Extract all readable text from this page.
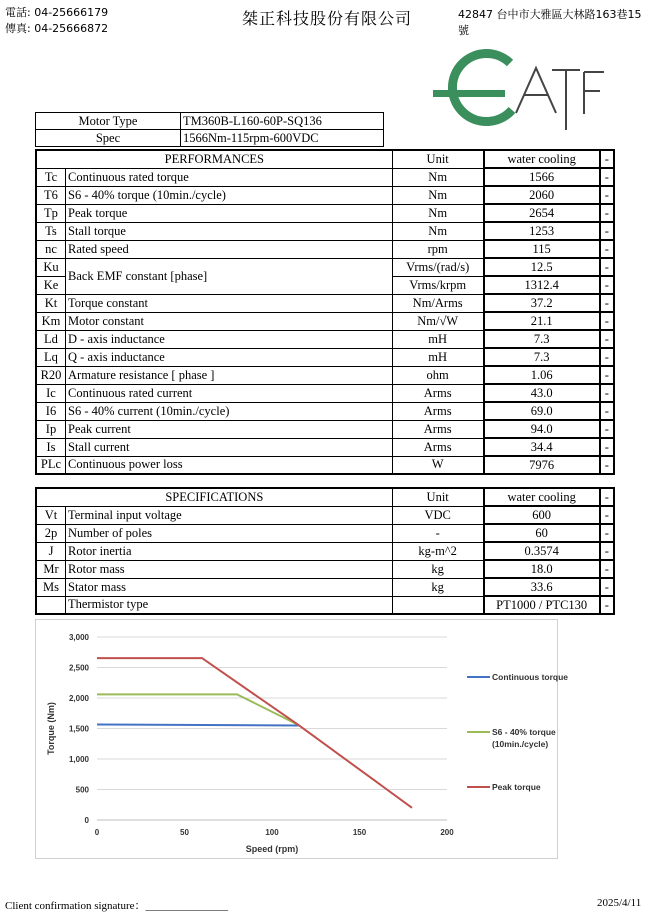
電話: 04-25666179
傳真: 04-25666872
桀正科技股份有限公司	42847 台中市大雅區大林路163巷15號
Motor Type	TM360B-L160-60P-SQ136
Spec	1566Nm-115rpm-600VDC
PERFORMANCES		Unit	water cooling	-
Tc	Continuous rated torque	Nm	1566	-
T6	S6 - 40% torque (10min./cycle)	Nm	2060	-
Tp	Peak torque	Nm	2654	-
Ts	Stall torque	Nm	1253	-
nc	Rated speed	rpm	115	-
Ku	Back EMF constant [phase]	Vrms/(rad/s)	12.5	-
Ke		Vrms/krpm	1312.4	-
Kt	Torque constant	Nm/Arms	37.2	-
Km	Motor constant	Nm/√W	21.1	-
Ld	D - axis inductance	mH	7.3	-
Lq	Q - axis inductance	mH	7.3	-
R20	Armature resistance [ phase ]	ohm	1.06	-
Ic	Continuous rated current	Arms	43.0	-
I6	S6 - 40% current (10min./cycle)	Arms	69.0	-
Ip	Peak current	Arms	94.0	-
Is	Stall current	Arms	34.4	-
PLc	Continuous power loss	W	7976	-
SPECIFICATIONS		Unit	water cooling	-
Vt	Terminal input voltage	VDC	600	-
2p	Number of poles	-	60	-
J	Rotor inertia	kg-m^2	0.3574	-
Mr	Rotor mass	kg	18.0	-
Ms	Stator mass	kg	33.6	-
	Thermistor type		PT1000 / PTC130	-
0
500
1,000
1,500
2,000
2,500
3,000
0	50	100	150	200
Speed (rpm)
Torque (Nm)
Continuous torque
S6 - 40% torque
(10min./cycle)
Peak torque
Client confirmation signature：_______________	2025/4/11
